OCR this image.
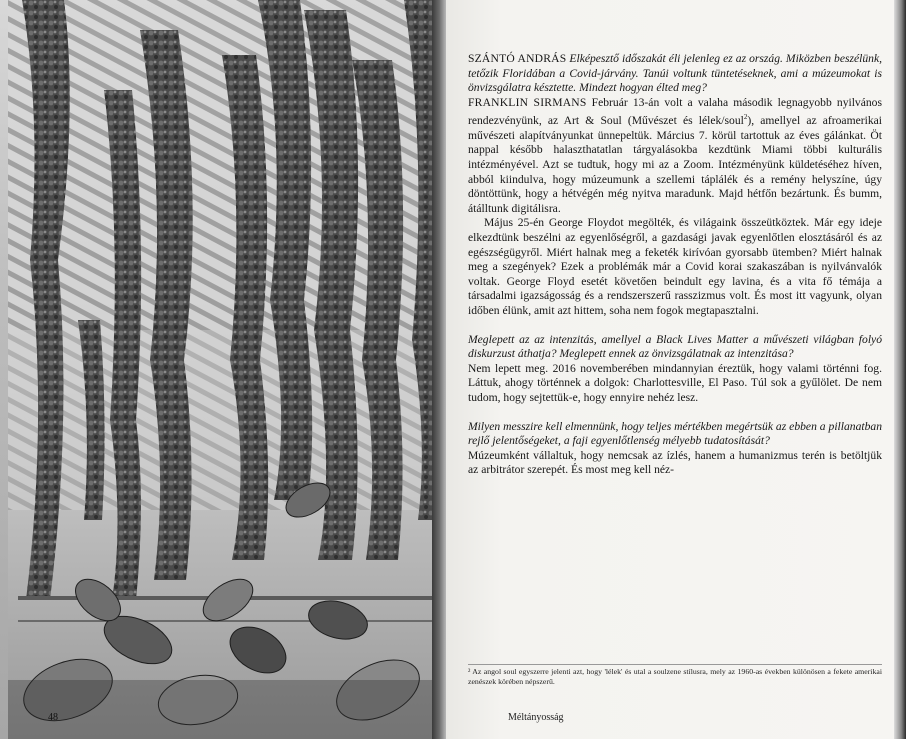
48

SZÁNTÓ ANDRÁS Elképesztő időszakát éli jelenleg ez az ország. Miközben beszélünk, tetőzik Floridában a Covid-járvány. Tanúi voltunk tüntetéseknek, ami a múzeumokat is önvizsgálatra késztette. Mindezt hogyan élted meg?

FRANKLIN SIRMANS Február 13-án volt a valaha második legnagyobb nyilvános rendezvényünk, az Art & Soul (Művészet és lélek/soul$^2$), amellyel az afroamerikai művészeti alapítványunkat ünnepeltük. Március 7. körül tartottuk az éves gálánkat. Öt nappal később halaszthatatlan tárgyalásokba kezdtünk Miami többi kulturális intézményével. Azt se tudtuk, hogy mi az a Zoom. Intézményünk küldetéséhez híven, abból kiindulva, hogy múzeumunk a szellemi táplálék és a remény helyszíne, úgy döntöttünk, hogy a hétvégén még nyitva maradunk. Majd hétfőn bezártunk. És bumm, átálltunk digitálisra.

Május 25-én George Floydot megölték, és világaink összeütköztek. Már egy ideje elkezdtünk beszélni az egyenlőségről, a gazdasági javak egyenlőtlen elosztásáról és az egészségügyről. Miért halnak meg a feketék kirívóan gyorsabb ütemben? Miért halnak meg a szegények? Ezek a problémák már a Covid korai szakaszában is nyilvánvalók voltak. George Floyd esetét követően beindult egy lavina, és a vita fő témája a társadalmi igazságosság és a rendszerszerű rasszizmus volt. És most itt vagyunk, olyan időben élünk, amit azt hittem, soha nem fogok megtapasztalni.

Meglepett az az intenzitás, amellyel a Black Lives Matter a művészeti világban folyó diskurzust áthatja? Meglepett ennek az önvizsgálatnak az intenzitása?

Nem lepett meg. 2016 novemberében mindannyian éreztük, hogy valami történni fog. Láttuk, ahogy történnek a dolgok: Charlottesville, El Paso. Túl sok a gyűlölet. De nem tudom, hogy sejtettük-e, hogy ennyire nehéz lesz.

Milyen messzire kell elmennünk, hogy teljes mértékben megértsük az ebben a pillanatban rejlő jelentőségeket, a faji egyenlőtlenség mélyebb tudatosítását?

Múzeumként vállaltuk, hogy nemcsak az ízlés, hanem a humanizmus terén is betöltjük az arbitrátor szerepét. És most meg kell néz-

² Az angol soul egyszerre jelenti azt, hogy 'lélek' és utal a soulzene stílusra, mely az 1960-as években különösen a fekete amerikai zenészek körében népszerű.
Méltányosság
